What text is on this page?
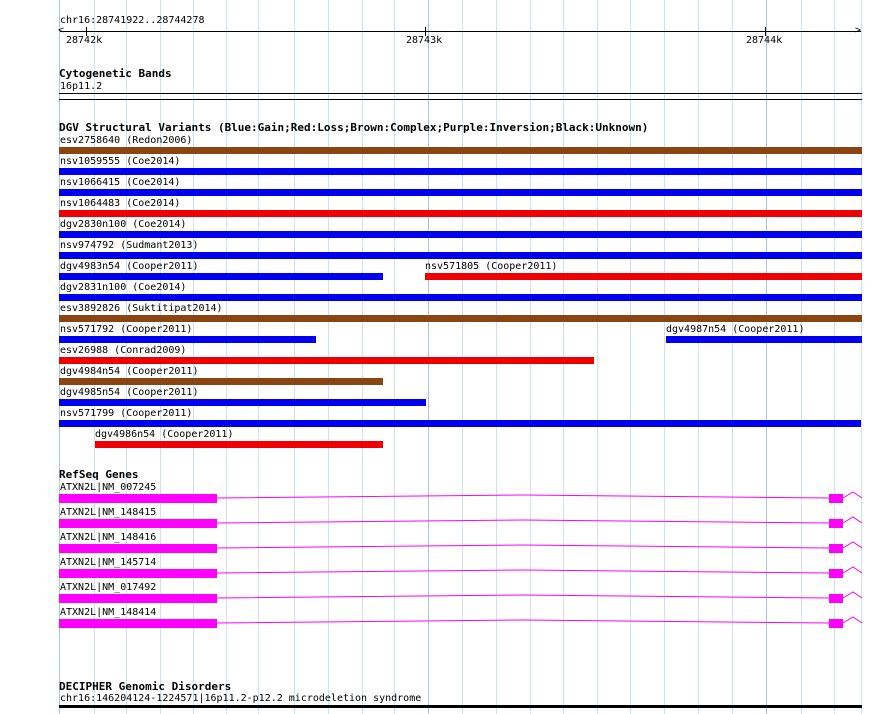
chr16:28741922..28744278
<	>
28742k	28743k	28744k
Cytogenetic Bands
16p11.2
DGV Structural Variants (Blue:Gain;Red:Loss;Brown:Complex;Purple:Inversion;Black:Unknown)
esv2758640 (Redon2006)
nsv1059555 (Coe2014)
nsv1066415 (Coe2014)
nsv1064483 (Coe2014)
dgv2830n100 (Coe2014)
nsv974792 (Sudmant2013)
dgv4983n54 (Cooper2011)	nsv571805 (Cooper2011)
dgv2831n100 (Coe2014)
esv3892826 (Suktitipat2014)
nsv571792 (Cooper2011)	dgv4987n54 (Cooper2011)
esv26988 (Conrad2009)
dgv4984n54 (Cooper2011)
dgv4985n54 (Cooper2011)
nsv571799 (Cooper2011)
dgv4986n54 (Cooper2011)
RefSeq Genes
ATXN2L|NM_007245
ATXN2L|NM_148415
ATXN2L|NM_148416
ATXN2L|NM_145714
ATXN2L|NM_017492
ATXN2L|NM_148414
DECIPHER Genomic Disorders
chr16:146204124-1224571|16p11.2-p12.2 microdeletion syndrome
